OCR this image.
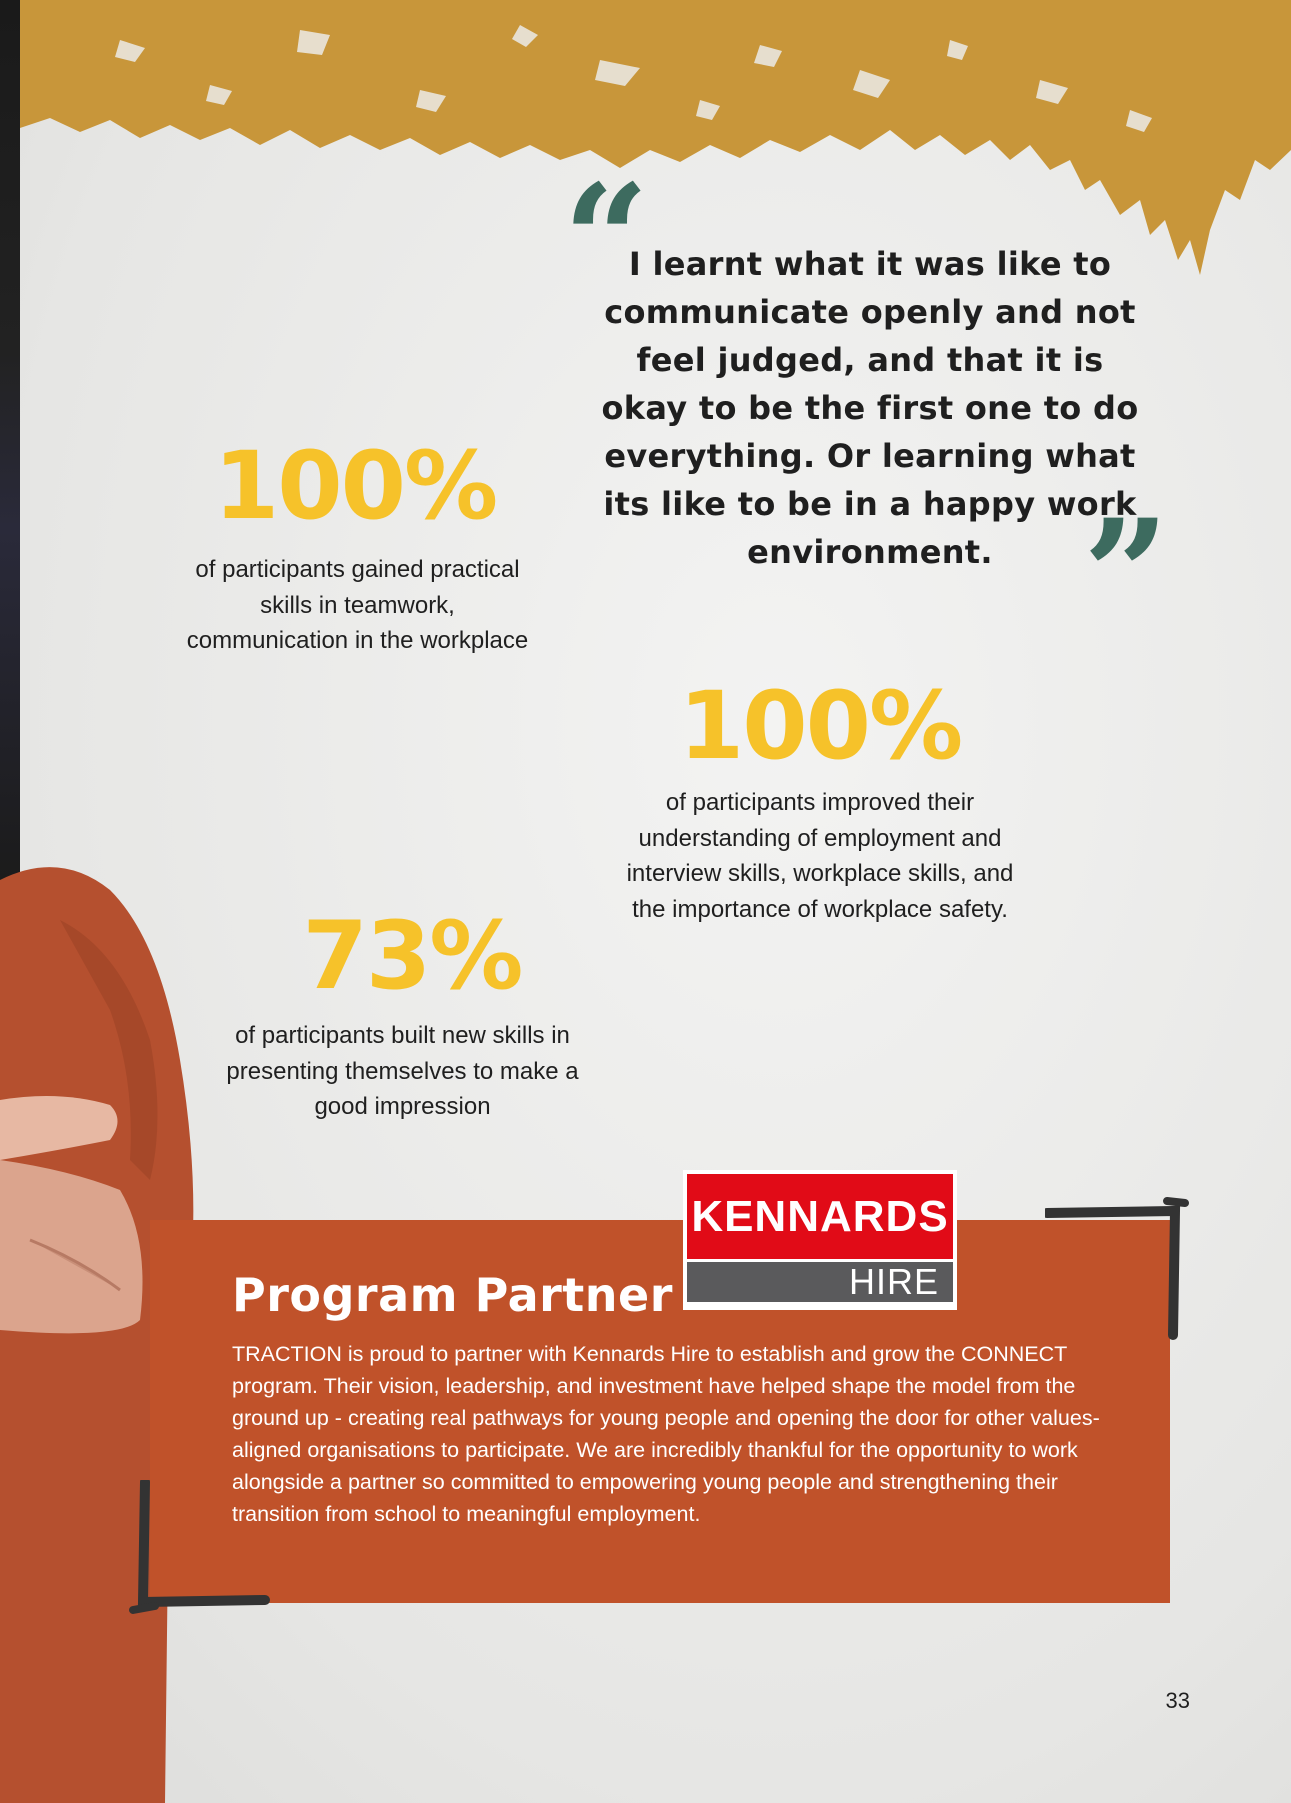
“
I learnt what it was like to communicate openly and not feel judged, and that it is okay to be the first one to do everything. Or learning what its like to be in a happy work environment. ”
100%
of participants gained practical skills in teamwork, communication in the workplace
100%
of participants improved their understanding of employment and interview skills, workplace skills, and the importance of workplace safety.
73%
of participants built new skills in presenting themselves to make a good impression
KENNARDS
HIRE
Program Partner
TRACTION is proud to partner with Kennards Hire to establish and grow the CONNECT program. Their vision, leadership, and investment have helped shape the model from the ground up - creating real pathways for young people and opening the door for other values-aligned organisations to participate. We are incredibly thankful for the opportunity to work alongside a partner so committed to empowering young people and strengthening their transition from school to meaningful employment.
33
